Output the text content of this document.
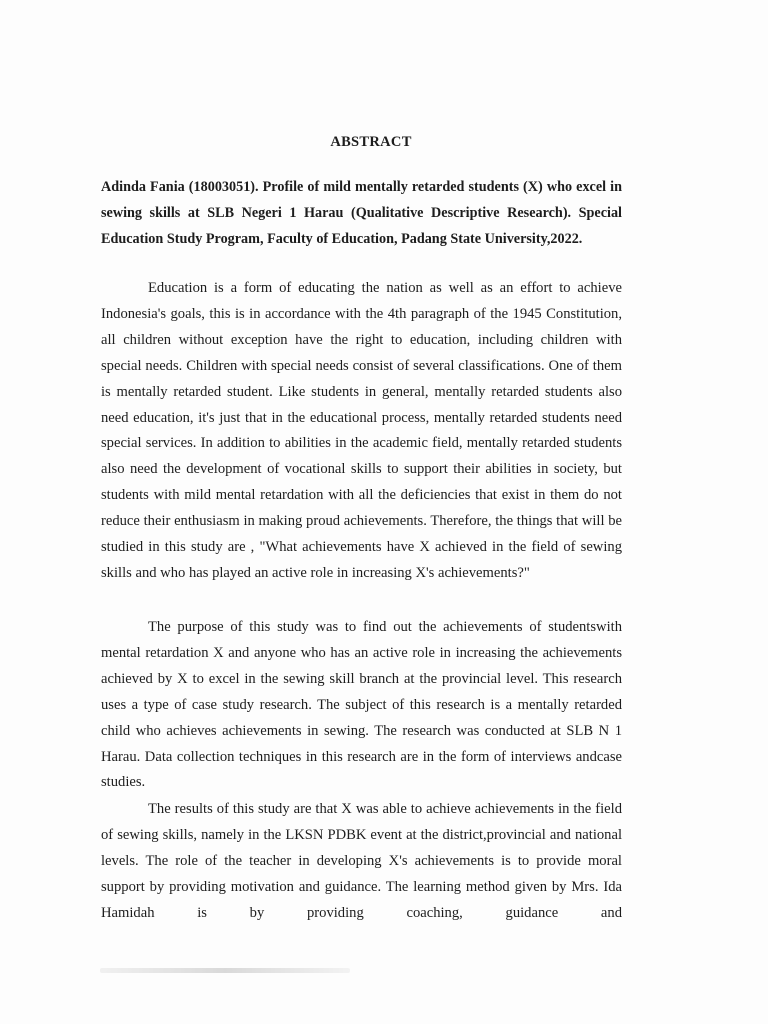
ABSTRACT
Adinda Fania (18003051). Profile of mild mentally retarded students (X) who excel in sewing skills at SLB Negeri 1 Harau (Qualitative Descriptive Research). Special Education Study Program, Faculty of Education, Padang State University,2022.
Education is a form of educating the nation as well as an effort to achieve Indonesia's goals, this is in accordance with the 4th paragraph of the 1945 Constitution, all children without exception have the right to education, including children with special needs. Children with special needs consist of several classifications. One of them is mentally retarded student. Like students in general, mentally retarded students also need education, it's just that in the educational process, mentally retarded students need special services. In addition to abilities in the academic field, mentally retarded students also need the development of vocational skills to support their abilities in society, but students with mild mental retardation with all the deficiencies that exist in them do not reduce their enthusiasm in making proud achievements. Therefore, the things that will be studied in this study are , "What achievements have X achieved in the field of sewing skills and who has played an active role in increasing X's achievements?"
The purpose of this study was to find out the achievements of studentswith mental retardation X and anyone who has an active role in increasing the achievements achieved by X to excel in the sewing skill branch at the provincial level. This research uses a type of case study research. The subject of this research is a mentally retarded child who achieves achievements in sewing. The research was conducted at SLB N 1 Harau. Data collection techniques in this research are in the form of interviews andcase studies.
The results of this study are that X was able to achieve achievements in the field of sewing skills, namely in the LKSN PDBK event at the district,provincial and national levels. The role of the teacher in developing X's achievements is to provide moral support by providing motivation and guidance. The learning method given by Mrs. Ida Hamidah is by providing coaching, guidance and
